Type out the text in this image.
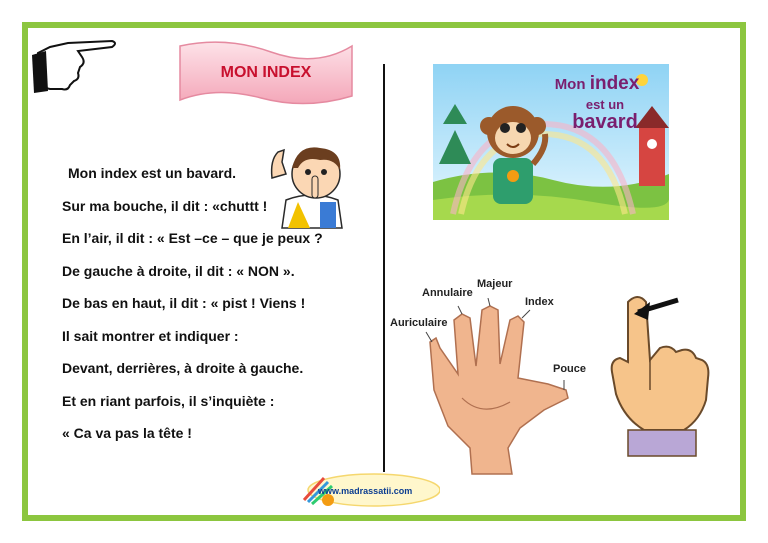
MON INDEX
Mon index est un bavard.
Sur ma bouche, il dit : «chuttt !
En l’air, il dit : « Est –ce – que je peux ?
De gauche à droite, il dit : « NON ».
De bas en haut, il dit : « pist ! Viens !
Il sait montrer et indiquer :
Devant, derrières, à droite à gauche.
Et en riant parfois, il s’inquiète :
« Ca va pas la tête !
Mon index
est un
bavard
Annulaire
Majeur
Index
Auriculaire
Pouce
www.madrassatii.com
